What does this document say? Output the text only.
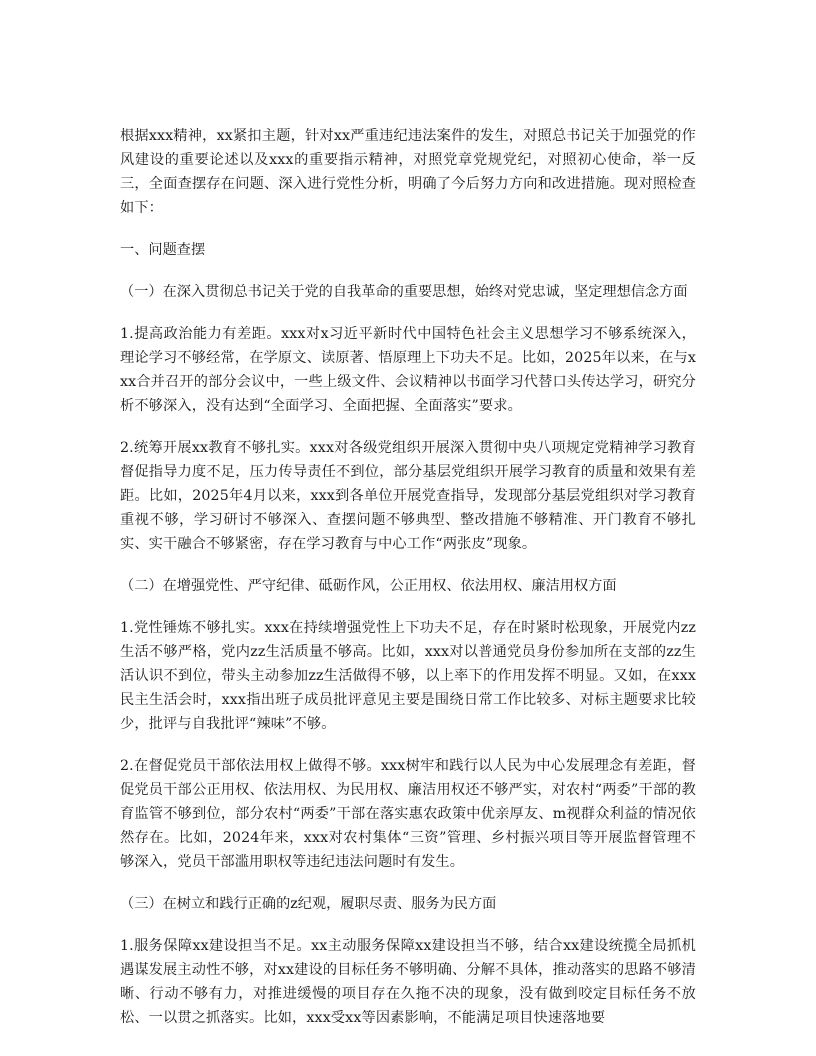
根据xxx精神，xx紧扣主题，针对xx严重违纪违法案件的发生，对照总书记关于加强党的作风建设的重要论述以及xxx的重要指示精神，对照党章党规党纪，对照初心使命，举一反三，全面查摆存在问题、深入进行党性分析，明确了今后努力方向和改进措施。现对照检查如下：

一、问题查摆

（一）在深入贯彻总书记关于党的自我革命的重要思想，始终对党忠诚，坚定理想信念方面

1.提高政治能力有差距。xxx对x习近平新时代中国特色社会主义思想学习不够系统深入，理论学习不够经常，在学原文、读原著、悟原理上下功夫不足。比如，2025年以来，在与xxx合并召开的部分会议中，一些上级文件、会议精神以书面学习代替口头传达学习，研究分析不够深入，没有达到“全面学习、全面把握、全面落实”要求。

2.统筹开展xx教育不够扎实。xxx对各级党组织开展深入贯彻中央八项规定党精神学习教育督促指导力度不足，压力传导责任不到位，部分基层党组织开展学习教育的质量和效果有差距。比如，2025年4月以来，xxx到各单位开展党查指导，发现部分基层党组织对学习教育重视不够，学习研讨不够深入、查摆问题不够典型、整改措施不够精准、开门教育不够扎实、实干融合不够紧密，存在学习教育与中心工作“两张皮”现象。

（二）在增强党性、严守纪律、砥砺作风，公正用权、依法用权、廉洁用权方面

1.党性锤炼不够扎实。xxx在持续增强党性上下功夫不足，存在时紧时松现象，开展党内zz生活不够严格，党内zz生活质量不够高。比如，xxx对以普通党员身份参加所在支部的zz生活认识不到位，带头主动参加zz生活做得不够，以上率下的作用发挥不明显。又如，在xxx民主生活会时，xxx指出班子成员批评意见主要是围绕日常工作比较多、对标主题要求比较少，批评与自我批评“辣味”不够。

2.在督促党员干部依法用权上做得不够。xxx树牢和践行以人民为中心发展理念有差距，督促党员干部公正用权、依法用权、为民用权、廉洁用权还不够严实，对农村“两委”干部的教育监管不够到位，部分农村“两委”干部在落实惠农政策中优亲厚友、m视群众利益的情况依然存在。比如，2024年来，xxx对农村集体“三资”管理、乡村振兴项目等开展监督管理不够深入，党员干部滥用职权等违纪违法问题时有发生。

（三）在树立和践行正确的z纪观，履职尽责、服务为民方面

1.服务保障xx建设担当不足。xx主动服务保障xx建设担当不够，结合xx建设统揽全局抓机遇谋发展主动性不够，对xx建设的目标任务不够明确、分解不具体，推动落实的思路不够清晰、行动不够有力，对推进缓慢的项目存在久拖不决的现象，没有做到咬定目标任务不放松、一以贯之抓落实。比如，xxx受xx等因素影响，不能满足项目快速落地要
